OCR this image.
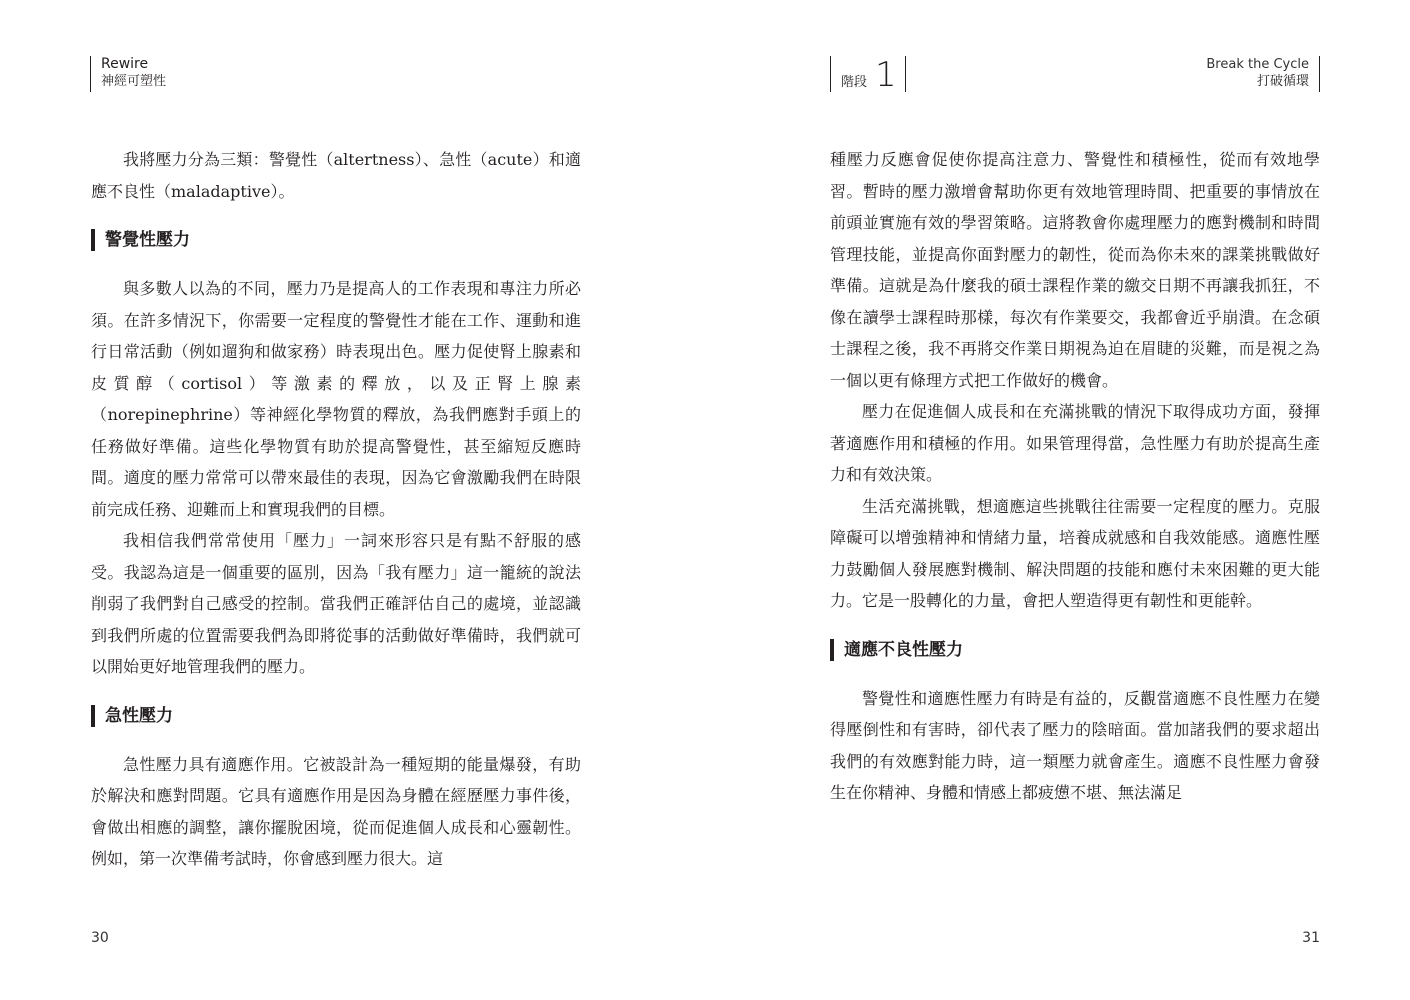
Rewire
神經可塑性

我將壓力分為三類：警覺性（altertness）、急性（acute）和適應不良性（maladaptive）。

警覺性壓力

與多數人以為的不同，壓力乃是提高人的工作表現和專注力所必須。在許多情況下，你需要一定程度的警覺性才能在工作、運動和進行日常活動（例如遛狗和做家務）時表現出色。壓力促使腎上腺素和皮質醇（cortisol）等激素的釋放，以及正腎上腺素（norepinephrine）等神經化學物質的釋放，為我們應對手頭上的任務做好準備。這些化學物質有助於提高警覺性，甚至縮短反應時間。適度的壓力常常可以帶來最佳的表現，因為它會激勵我們在時限前完成任務、迎難而上和實現我們的目標。

我相信我們常常使用「壓力」一詞來形容只是有點不舒服的感受。我認為這是一個重要的區別，因為「我有壓力」這一籠統的說法削弱了我們對自己感受的控制。當我們正確評估自己的處境，並認識到我們所處的位置需要我們為即將從事的活動做好準備時，我們就可以開始更好地管理我們的壓力。

急性壓力

急性壓力具有適應作用。它被設計為一種短期的能量爆發，有助於解決和應對問題。它具有適應作用是因為身體在經歷壓力事件後，會做出相應的調整，讓你擺脫困境，從而促進個人成長和心靈韌性。例如，第一次準備考試時，你會感到壓力很大。這

30
階段 1	Break the Cycle
打破循環

種壓力反應會促使你提高注意力、警覺性和積極性，從而有效地學習。暫時的壓力激增會幫助你更有效地管理時間、把重要的事情放在前頭並實施有效的學習策略。這將教會你處理壓力的應對機制和時間管理技能，並提高你面對壓力的韌性，從而為你未來的課業挑戰做好準備。這就是為什麼我的碩士課程作業的繳交日期不再讓我抓狂，不像在讀學士課程時那樣，每次有作業要交，我都會近乎崩潰。在念碩士課程之後，我不再將交作業日期視為迫在眉睫的災難，而是視之為一個以更有條理方式把工作做好的機會。

壓力在促進個人成長和在充滿挑戰的情況下取得成功方面，發揮著適應作用和積極的作用。如果管理得當，急性壓力有助於提高生產力和有效決策。

生活充滿挑戰，想適應這些挑戰往往需要一定程度的壓力。克服障礙可以增強精神和情緒力量，培養成就感和自我效能感。適應性壓力鼓勵個人發展應對機制、解決問題的技能和應付未來困難的更大能力。它是一股轉化的力量，會把人塑造得更有韌性和更能幹。

適應不良性壓力

警覺性和適應性壓力有時是有益的，反觀當適應不良性壓力在變得壓倒性和有害時，卻代表了壓力的陰暗面。當加諸我們的要求超出我們的有效應對能力時，這一類壓力就會產生。適應不良性壓力會發生在你精神、身體和情感上都疲憊不堪、無法滿足

31
